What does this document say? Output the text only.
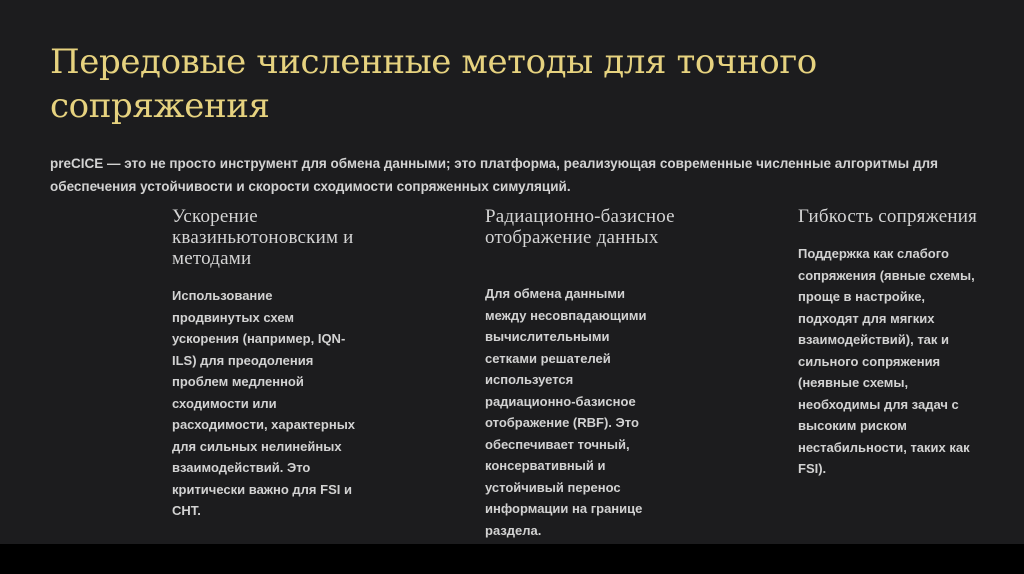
Передовые численные методы для точного сопряжения

preCICE — это не просто инструмент для обмена данными; это платформа, реализующая современные численные алгоритмы для обеспечения устойчивости и скорости сходимости сопряженных симуляций.

Ускорение квазиньютоновским и методами

Использование продвинутых схем ускорения (например, IQN-ILS) для преодоления проблем медленной сходимости или расходимости, характерных для сильных нелинейных взаимодействий. Это критически важно для FSI и CHT.

Радиационно-базисное отображение данных

Для обмена данными между несовпадающими вычислительными сетками решателей используется радиационно-базисное отображение (RBF). Это обеспечивает точный, консервативный и устойчивый перенос информации на границе раздела.

Гибкость сопряжения

Поддержка как слабого сопряжения (явные схемы, проще в настройке, подходят для мягких взаимодействий), так и сильного сопряжения (неявные схемы, необходимы для задач с высоким риском нестабильности, таких как FSI).
